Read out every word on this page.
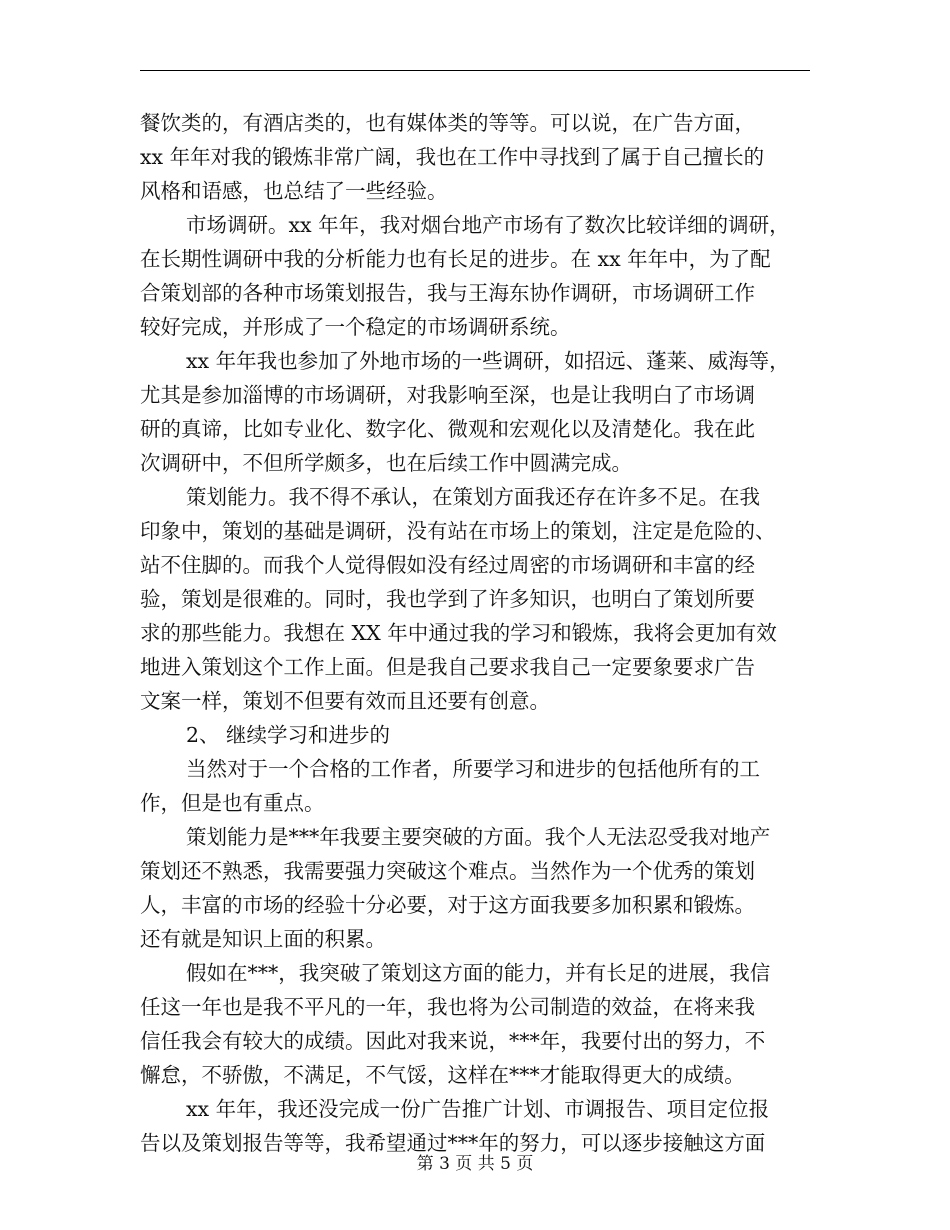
餐饮类的，有酒店类的，也有媒体类的等等。可以说，在广告方面，
xx 年年对我的锻炼非常广阔，我也在工作中寻找到了属于自己擅长的
风格和语感，也总结了一些经验。
市场调研。xx 年年，我对烟台地产市场有了数次比较详细的调研，
在长期性调研中我的分析能力也有长足的进步。在 xx 年年中，为了配
合策划部的各种市场策划报告，我与王海东协作调研，市场调研工作
较好完成，并形成了一个稳定的市场调研系统。
xx 年年我也参加了外地市场的一些调研，如招远、蓬莱、威海等，
尤其是参加淄博的市场调研，对我影响至深，也是让我明白了市场调
研的真谛，比如专业化、数字化、微观和宏观化以及清楚化。我在此
次调研中，不但所学颇多，也在后续工作中圆满完成。
策划能力。我不得不承认，在策划方面我还存在许多不足。在我
印象中，策划的基础是调研，没有站在市场上的策划，注定是危险的、
站不住脚的。而我个人觉得假如没有经过周密的市场调研和丰富的经
验，策划是很难的。同时，我也学到了许多知识，也明白了策划所要
求的那些能力。我想在 XX 年中通过我的学习和锻炼，我将会更加有效
地进入策划这个工作上面。但是我自己要求我自己一定要象要求广告
文案一样，策划不但要有效而且还要有创意。
2、 继续学习和进步的
当然对于一个合格的工作者，所要学习和进步的包括他所有的工
作，但是也有重点。
策划能力是***年我要主要突破的方面。我个人无法忍受我对地产
策划还不熟悉，我需要强力突破这个难点。当然作为一个优秀的策划
人，丰富的市场的经验十分必要，对于这方面我要多加积累和锻炼。
还有就是知识上面的积累。
假如在***，我突破了策划这方面的能力，并有长足的进展，我信
任这一年也是我不平凡的一年，我也将为公司制造的效益，在将来我
信任我会有较大的成绩。因此对我来说，***年，我要付出的努力，不
懈怠，不骄傲，不满足，不气馁，这样在***才能取得更大的成绩。
xx 年年，我还没完成一份广告推广计划、市调报告、项目定位报
告以及策划报告等等，我希望通过***年的努力，可以逐步接触这方面
第 3 页 共 5 页
